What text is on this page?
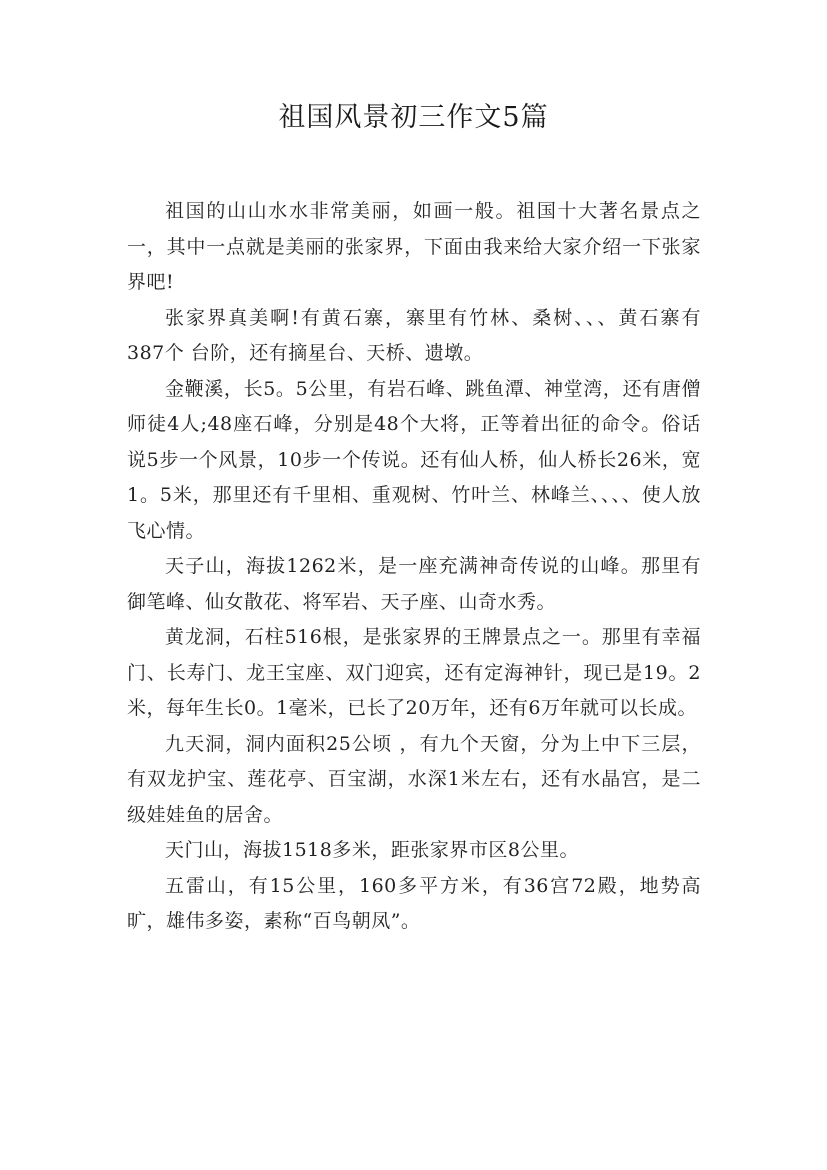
祖国风景初三作文5篇

祖国的山山水水非常美丽，如画一般。祖国十大著名景点之一，其中一点就是美丽的张家界，下面由我来给大家介绍一下张家界吧!

张家界真美啊!有黄石寨，寨里有竹林、桑树、、、黄石寨有 387个 台阶，还有摘星台、天桥、遗墩。

金鞭溪，长5。5公里，有岩石峰、跳鱼潭、神堂湾，还有唐僧师徒4人;48座石峰，分别是48个大将，正等着出征的命令。俗话说5步一个风景，10步一个传说。还有仙人桥，仙人桥长26米，宽1。5米，那里还有千里相、重观树、竹叶兰、林峰兰、、、、使人放飞心情。

天子山，海拔1262米，是一座充满神奇传说的山峰。那里有御笔峰、仙女散花、将军岩、天子座、山奇水秀。

黄龙洞，石柱516根，是张家界的王牌景点之一。那里有幸福门、长寿门、龙王宝座、双门迎宾，还有定海神针，现已是19。2米，每年生长0。1毫米，已长了20万年，还有6万年就可以长成。

九天洞，洞内面积25公顷 ，有九个天窗，分为上中下三层，有双龙护宝、莲花亭、百宝湖，水深1米左右，还有水晶宫，是二级娃娃鱼的居舍。

天门山，海拔1518多米，距张家界市区8公里。

五雷山，有15公里，160多平方米，有36宫72殿，地势高旷，雄伟多姿，素称“百鸟朝凤”。
